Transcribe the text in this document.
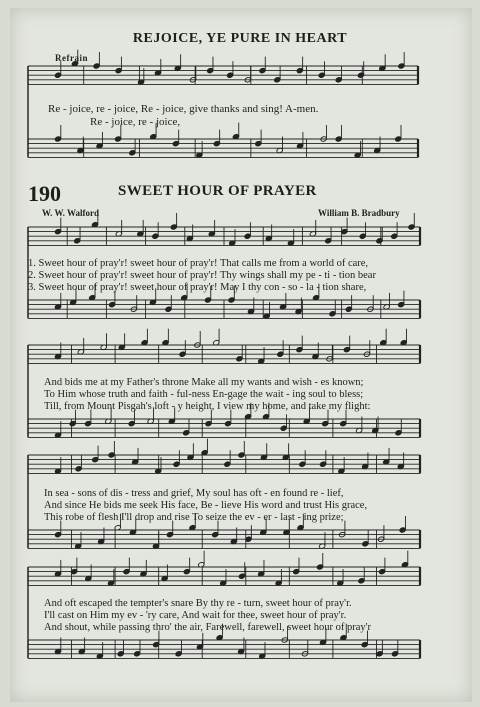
REJOICE, YE PURE IN HEART
Refrain
Re - joice, re - joice, Re - joice, give thanks and sing! A-men.
Re - joice, re - joice,
190	SWEET HOUR OF PRAYER
W. W. Walford	William B. Bradbury
1. Sweet hour of pray'r! sweet hour of pray'r! That calls me from a world of care,
2. Sweet hour of pray'r! sweet hour of pray'r! Thy wings shall my pe - ti - tion bear
3. Sweet hour of pray'r! sweet hour of pray'r! May I thy con - so - la - tion share,
And bids me at my Father's throne Make all my wants and wish - es known;
To Him whose truth and faith - ful-ness En-gage the wait - ing soul to bless;
Till, from Mount Pisgah's loft - y height, I view my home, and take my flight:
In sea - sons of dis - tress and grief, My soul has oft - en found re - lief,
And since He bids me seek His face, Be - lieve His word and trust His grace,
This robe of flesh I'll drop and rise To seize the ev - er - last - ing prize;
And oft escaped the tempter's snare By thy re - turn, sweet hour of pray'r.
I'll cast on Him my ev - 'ry care, And wait for thee, sweet hour of pray'r.
And shout, while passing thro' the air, Farewell, farewell, sweet hour of pray'r
